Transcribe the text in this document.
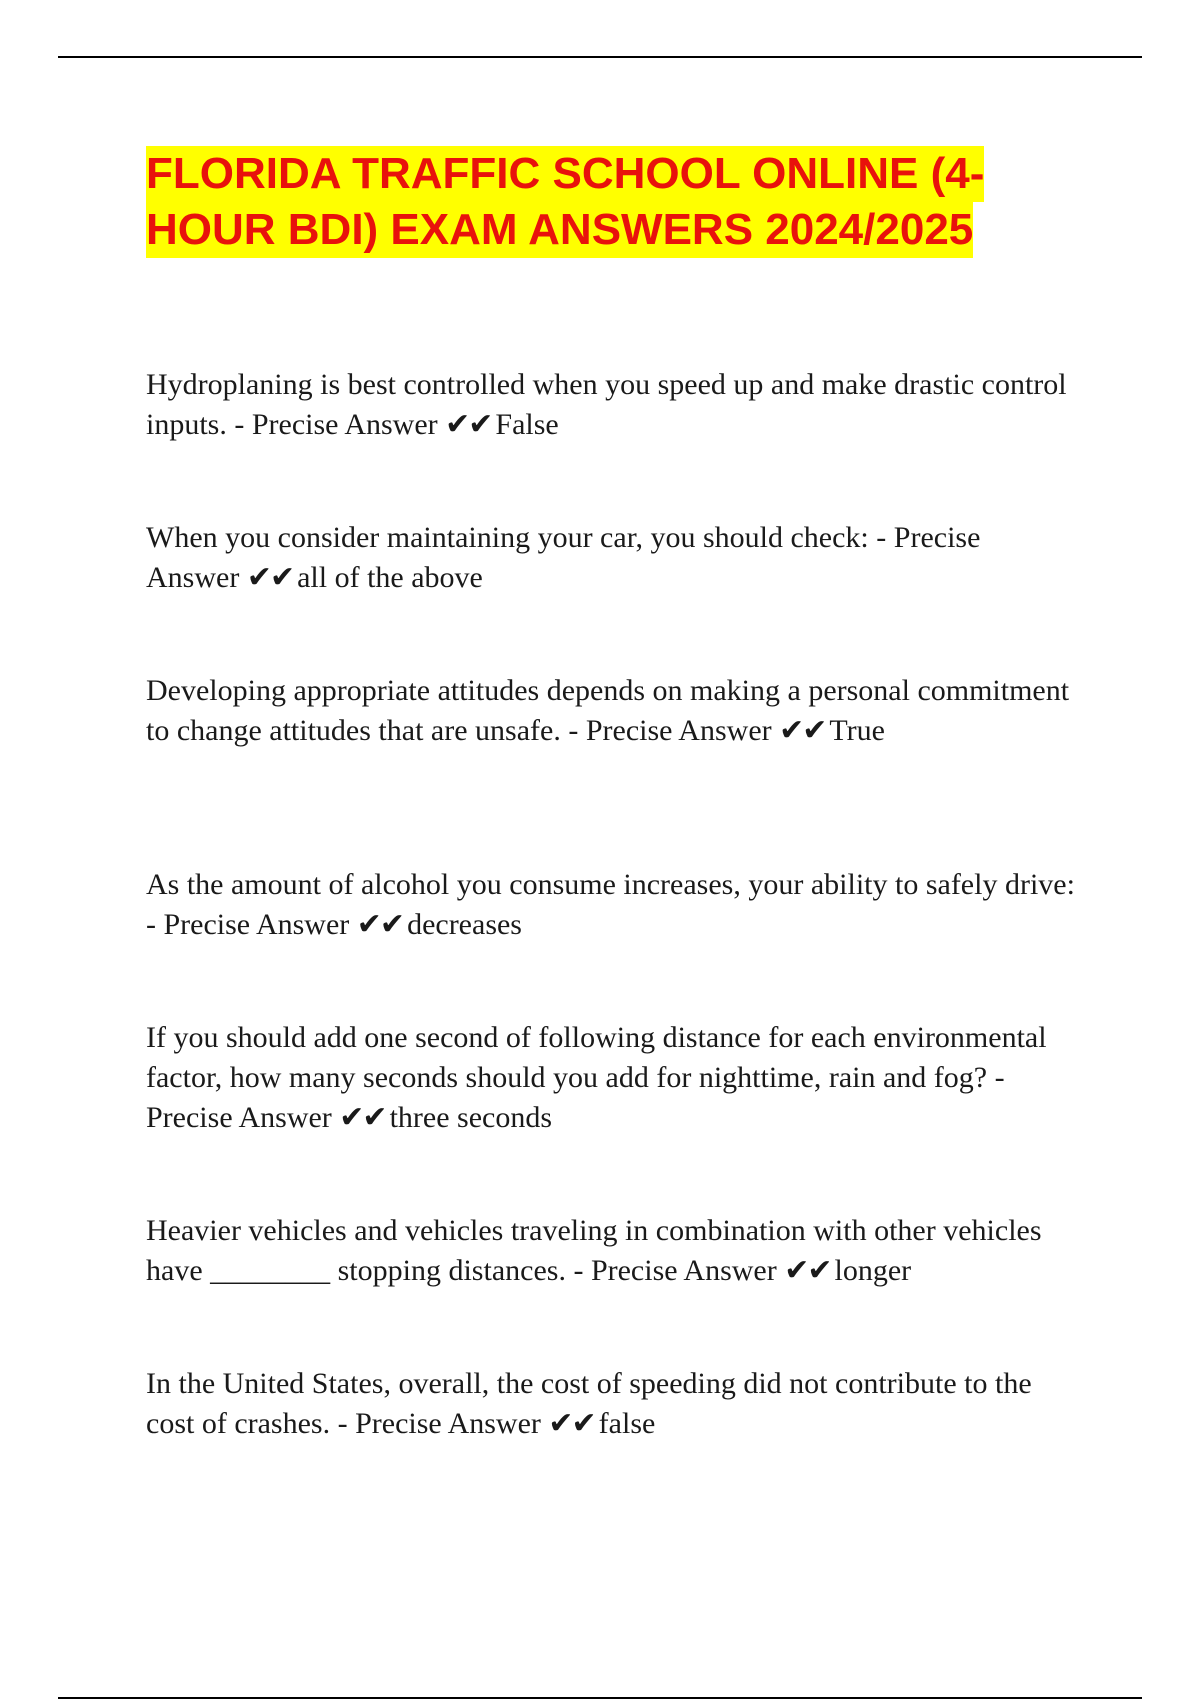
FLORIDA TRAFFIC SCHOOL ONLINE (4-
HOUR BDI) EXAM ANSWERS 2024/2025
Hydroplaning is best controlled when you speed up and make drastic control inputs. - Precise Answer ✔✔ False
When you consider maintaining your car, you should check: - Precise Answer ✔✔ all of the above
Developing appropriate attitudes depends on making a personal commitment to change attitudes that are unsafe. - Precise Answer ✔✔ True
As the amount of alcohol you consume increases, your ability to safely drive: - Precise Answer ✔✔ decreases
If you should add one second of following distance for each environmental factor, how many seconds should you add for nighttime, rain and fog? - Precise Answer ✔✔ three seconds
Heavier vehicles and vehicles traveling in combination with other vehicles have ________ stopping distances. - Precise Answer ✔✔ longer
In the United States, overall, the cost of speeding did not contribute to the cost of crashes. - Precise Answer ✔✔ false
